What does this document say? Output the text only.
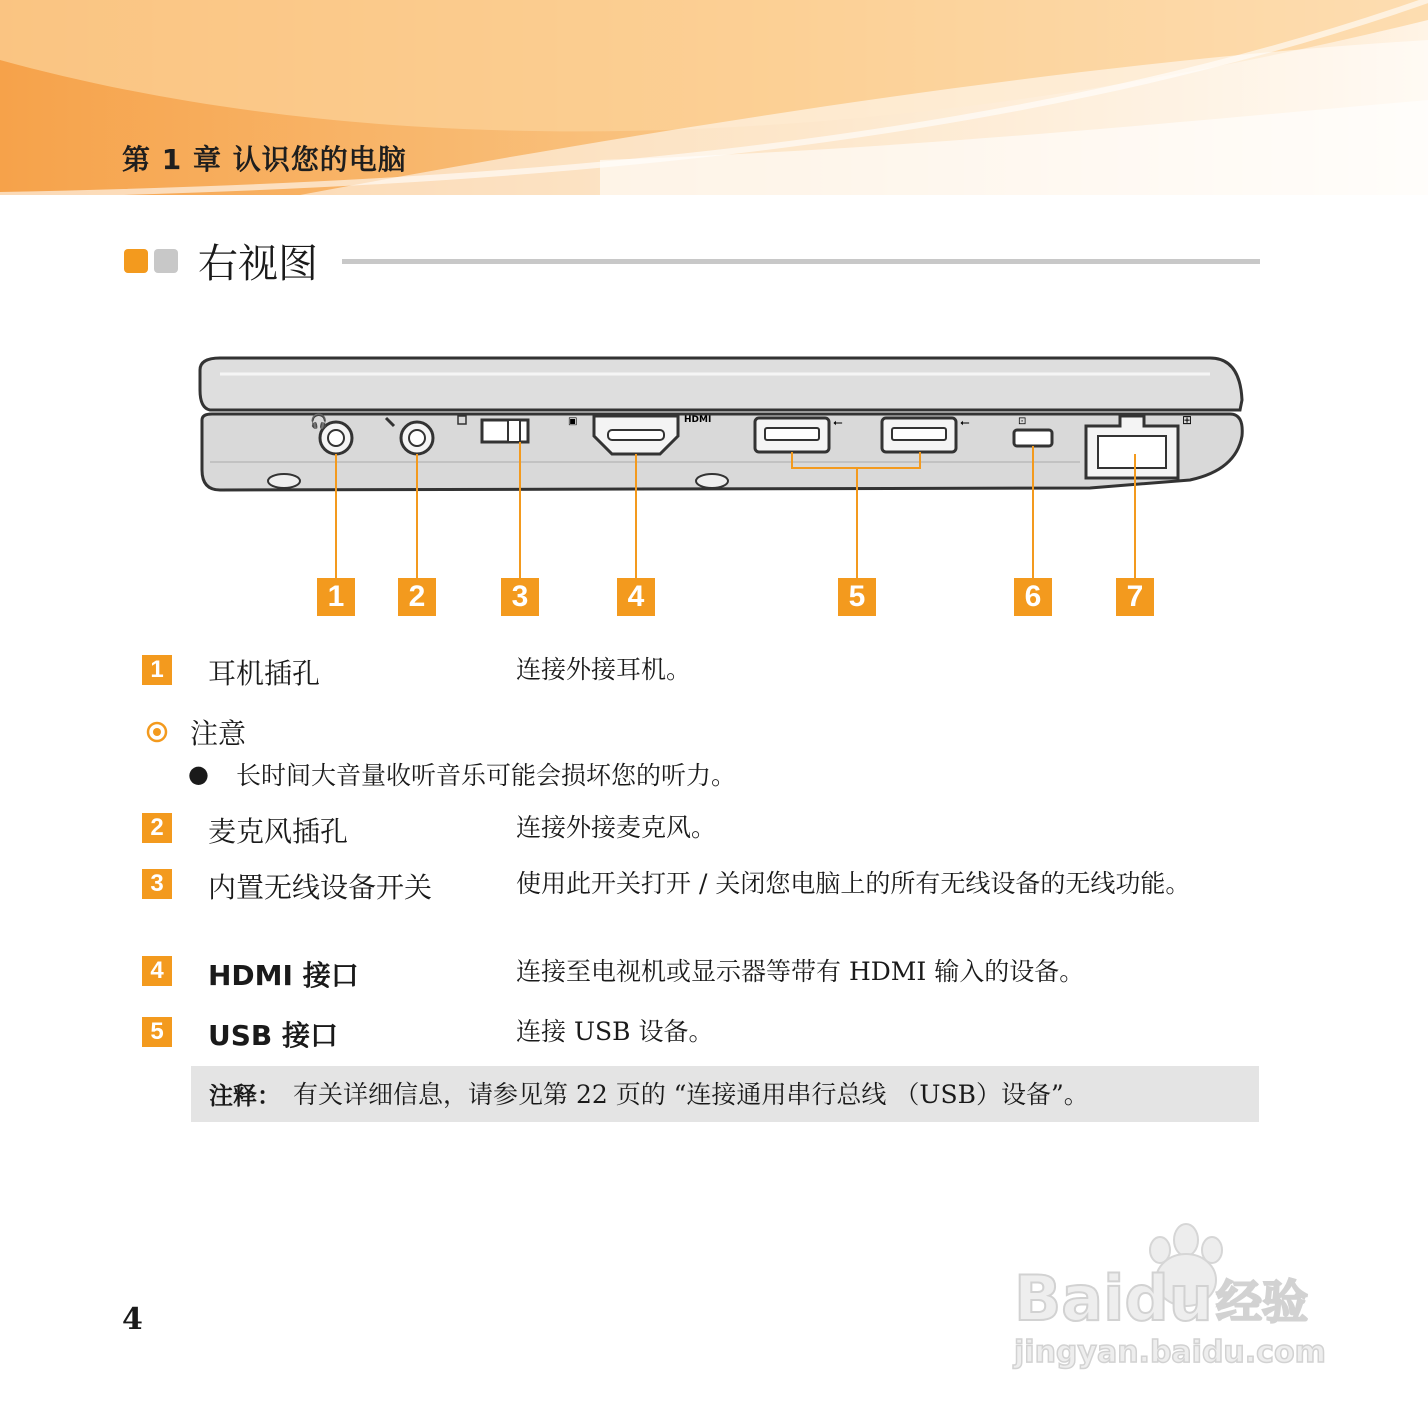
第 1 章 认识您的电脑
右视图
🎧	HDMI
▣	⭠	⭠	⊡	⊞
1	2	3	4	5	6	7
1 耳机插孔	连接外接耳机。
注意
● 长时间大音量收听音乐可能会损坏您的听力。
2 麦克风插孔	连接外接麦克风。
3 内置无线设备开关	使用此开关打开 / 关闭您电脑上的所有无线设备的无线功能。
4 HDMI 接口	连接至电视机或显示器等带有 HDMI 输入的设备。
5 USB 接口	连接 USB 设备。
注释： 有关详细信息，请参见第 22 页的 “连接通用串行总线 （USB）设备”。
4	Baidu 经验
jingyan.baidu.com
